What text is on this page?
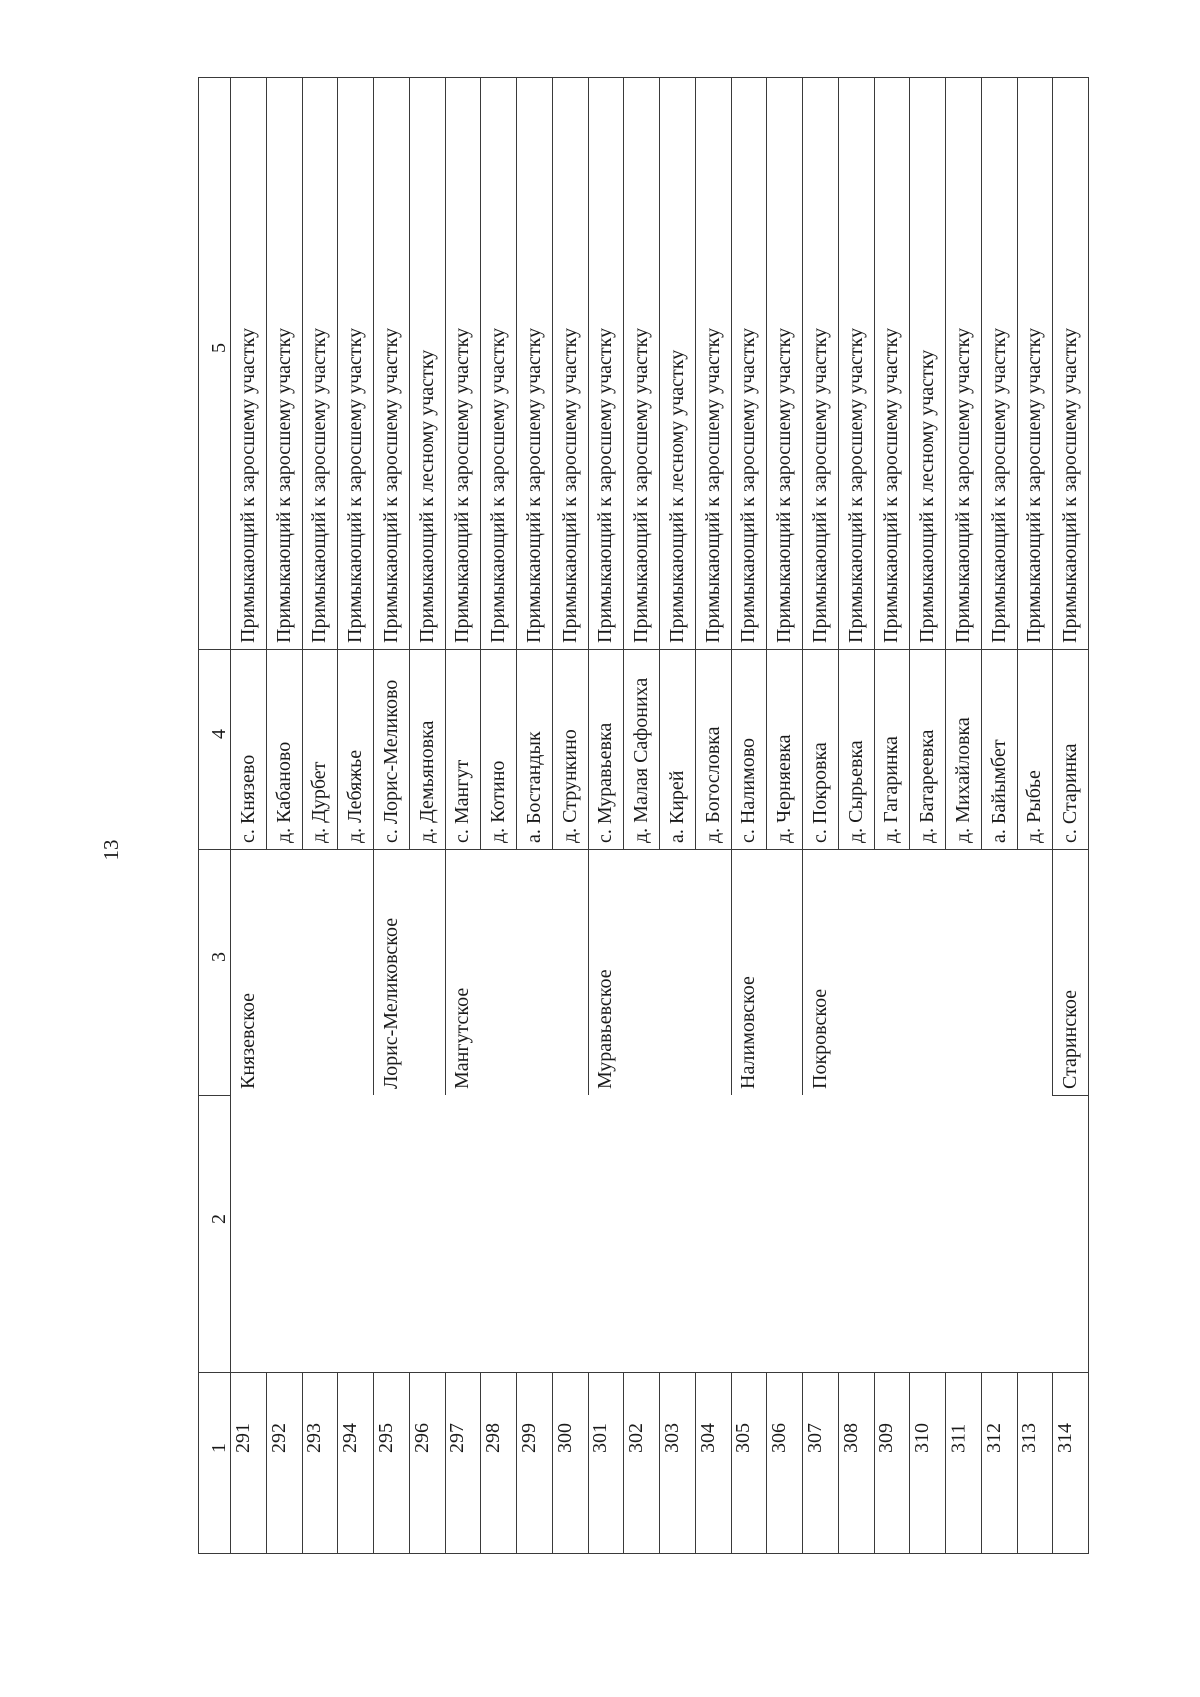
13
5
4
3
2
1 291
с. Князево
Примыкающий к заросшему участку
Князевское
292
д. Кабаново
Примыкающий к заросшему участку
293
д. Дурбет
Примыкающий к заросшему участку
294
д. Лебяжье
Примыкающий к заросшему участку
295
с. Лорис-Меликово
Примыкающий к заросшему участку
Лорис-Меликовское
296
д. Демьяновка
Примыкающий к лесному участку
297
с. Мангут
Примыкающий к заросшему участку
Мангутское
298
д. Котино
Примыкающий к заросшему участку
299
а. Бостандык
Примыкающий к заросшему участку
300
д. Стрункино
Примыкающий к заросшему участку
301
с. Муравьевка
Примыкающий к заросшему участку
Муравьевское
302
д. Малая Сафониха
Примыкающий к заросшему участку
303
а. Кирей
Примыкающий к лесному участку
304
д. Богословка
Примыкающий к заросшему участку
305
с. Налимово
Примыкающий к заросшему участку
Налимовское
306
д. Черняевка
Примыкающий к заросшему участку
307
с. Покровка
Примыкающий к заросшему участку
Покровское
308
д. Сырьевка
Примыкающий к заросшему участку
309
д. Гагаринка
Примыкающий к заросшему участку
310
д. Батареевка
Примыкающий к лесному участку
311
д. Михайловка
Примыкающий к заросшему участку
312
а. Байымбет
Примыкающий к заросшему участку
313
д. Рыбье
Примыкающий к заросшему участку
314
с. Старинка
Примыкающий к заросшему участку
Старинское
